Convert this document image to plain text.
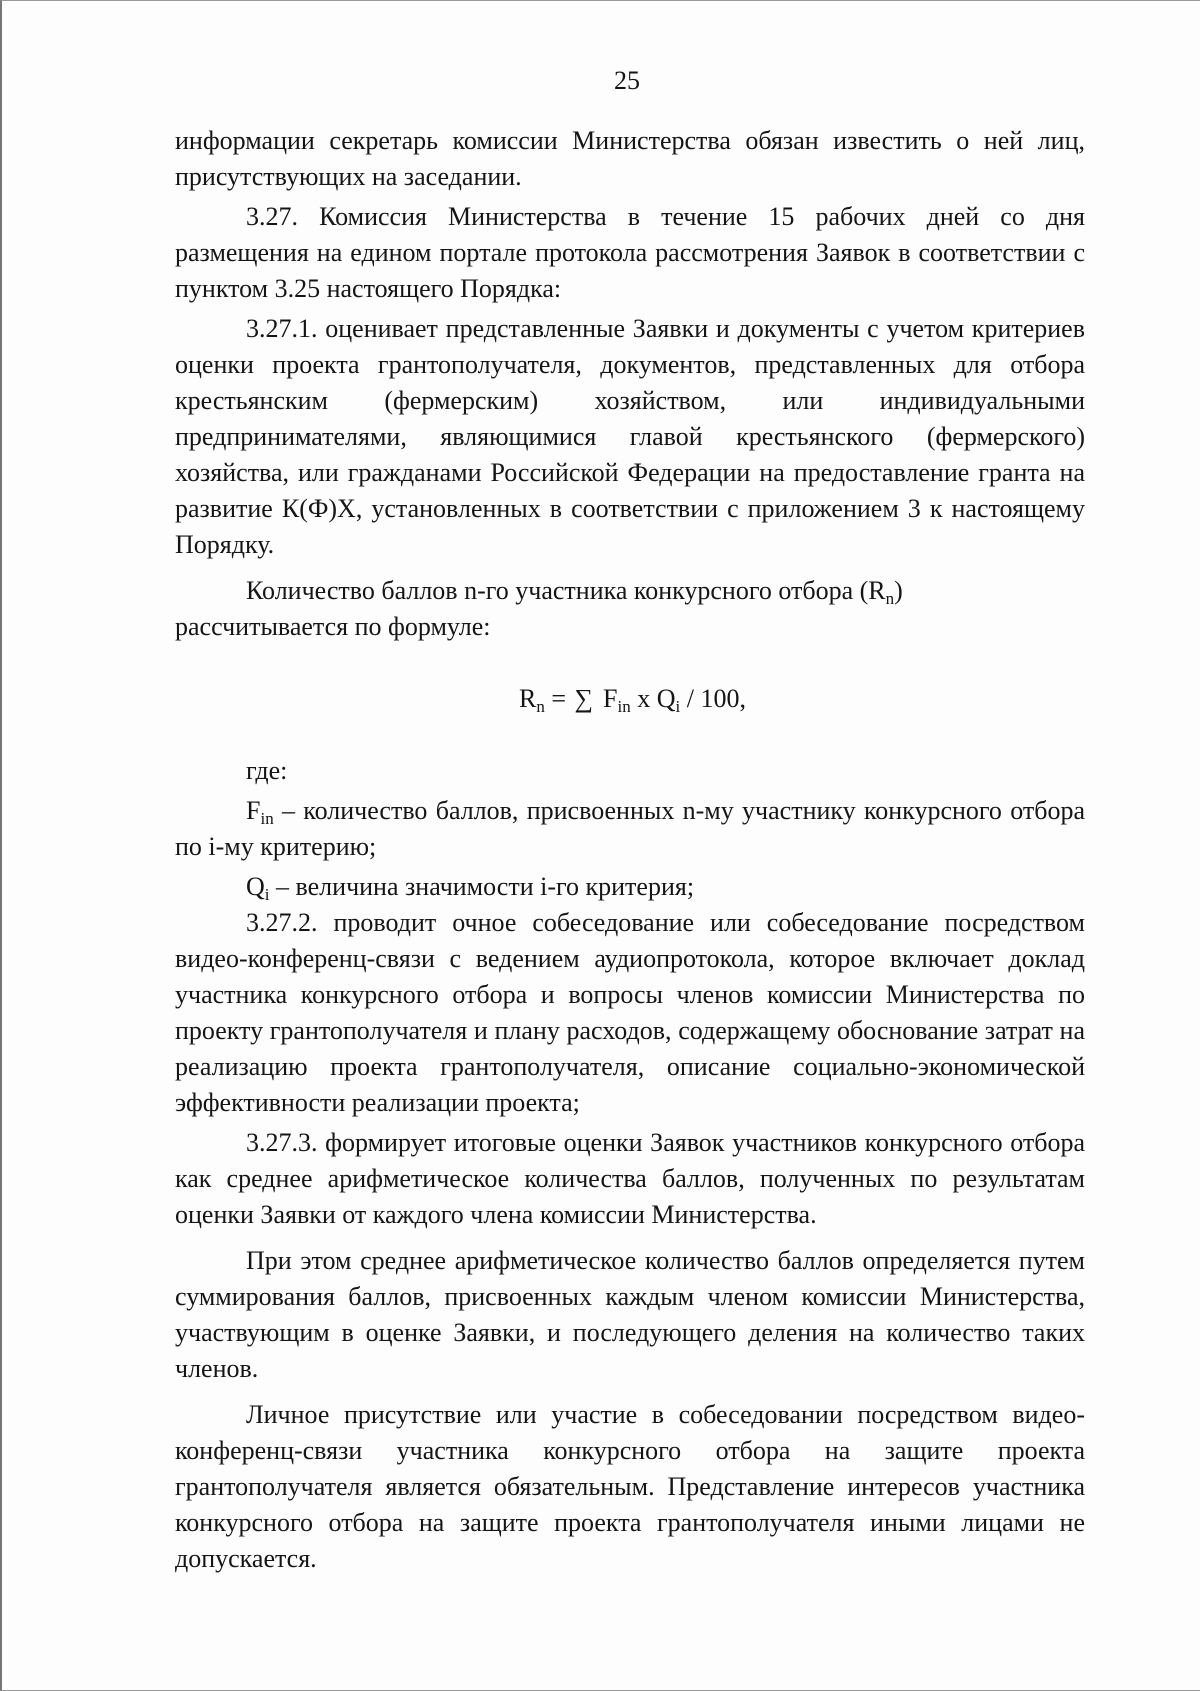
25

информации секретарь комиссии Министерства обязан известить о ней лиц, присутствующих на заседании.

3.27. Комиссия Министерства в течение 15 рабочих дней со дня размещения на едином портале протокола рассмотрения Заявок в соответствии с пунктом 3.25 настоящего Порядка:

3.27.1. оценивает представленные Заявки и документы с учетом критериев оценки проекта грантополучателя, документов, представленных для отбора крестьянским (фермерским) хозяйством, или индивидуальными предпринимателями, являющимися главой крестьянского (фермерского) хозяйства, или гражданами Российской Федерации на предоставление гранта на развитие К(Ф)Х, установленных в соответствии с приложением 3 к настоящему Порядку.

Количество баллов n-го участника конкурсного отбора $(R_n)$
рассчитывается по формуле:

$R_n$ = ∑ $F_{in}$ x $Q_i / 100$,

где:

$F_{in}$ – количество баллов, присвоенных n-му участнику конкурсного отбора по i-му критерию;

$Q_i$ – величина значимости i-го критерия;

3.27.2. проводит очное собеседование или собеседование посредством видео-конференц-связи с ведением аудиопротокола, которое включает доклад участника конкурсного отбора и вопросы членов комиссии Министерства по проекту грантополучателя и плану расходов, содержащему обоснование затрат на реализацию проекта грантополучателя, описание социально-экономической эффективности реализации проекта;

3.27.3. формирует итоговые оценки Заявок участников конкурсного отбора как среднее арифметическое количества баллов, полученных по результатам оценки Заявки от каждого члена комиссии Министерства.

При этом среднее арифметическое количество баллов определяется путем суммирования баллов, присвоенных каждым членом комиссии Министерства, участвующим в оценке Заявки, и последующего деления на количество таких членов.

Личное присутствие или участие в собеседовании посредством видео-конференц-связи участника конкурсного отбора на защите проекта грантополучателя является обязательным. Представление интересов участника конкурсного отбора на защите проекта грантополучателя иными лицами не допускается.
